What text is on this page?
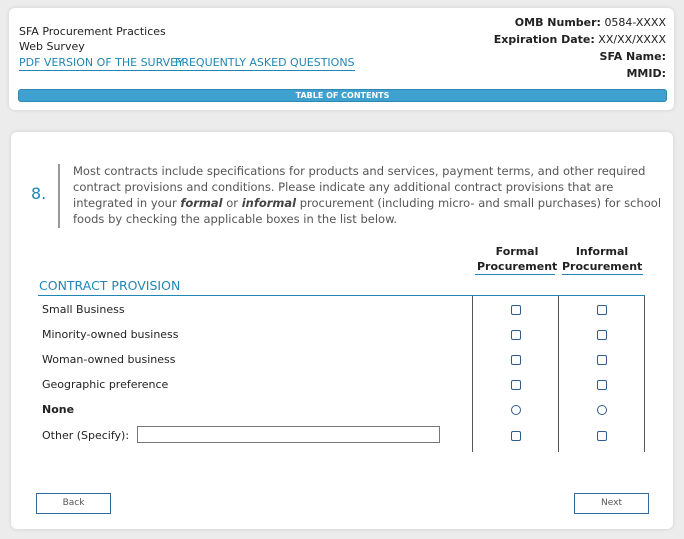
SFA Procurement Practices
Web Survey
PDF VERSION OF THE SURVEY
FREQUENTLY ASKED QUESTIONS
OMB Number: 0584-XXXX
Expiration Date: XX/XX/XXXX
SFA Name:
MMID:
TABLE OF CONTENTS
8.
Most contracts include specifications for products and services, payment terms, and other required contract provisions and conditions. Please indicate any additional contract provisions that are integrated in your formal or informal procurement (including micro- and small purchases) for school foods by checking the applicable boxes in the list below.
Formal
Procurement
Informal
Procurement
CONTRACT PROVISION
Small Business
Minority-owned business
Woman-owned business
Geographic preference
None
Other (Specify):
Back	Next
